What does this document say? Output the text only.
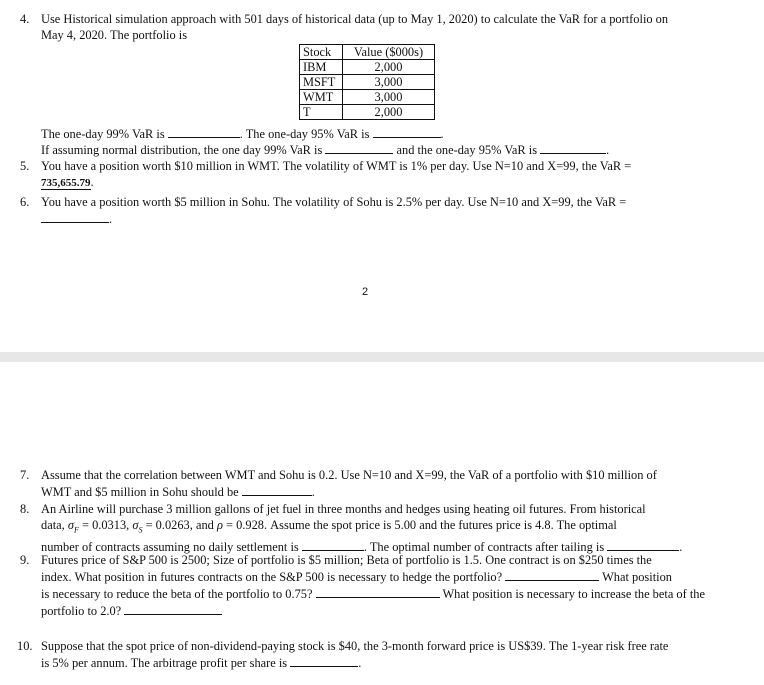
4. Use Historical simulation approach with 501 days of historical data (up to May 1, 2020) to calculate the VaR for a portfolio on
May 4, 2020. The portfolio is
Stock	Value ($000s)
IBM	2,000
MSFT	3,000
WMT	3,000
T	2,000
The one-day 99% VaR is	. The one-day 95% VaR is	.
If assuming normal distribution, the one day 99% VaR is	and the one-day 95% VaR is	.
5. You have a position worth $10 million in WMT. The volatility of WMT is 1% per day. Use N=10 and X=99, the VaR =
735,655.79.
6. You have a position worth $5 million in Sohu. The volatility of Sohu is 2.5% per day. Use N=10 and X=99, the VaR =
.
2
7. Assume that the correlation between WMT and Sohu is 0.2. Use N=10 and X=99, the VaR of a portfolio with $10 million of
WMT and $5 million in Sohu should be	.
8. An Airline will purchase 3 million gallons of jet fuel in three months and hedges using heating oil futures. From historical
data, $\sigma_F = 0.0313$, $\sigma_S = 0.0263$, and ρ = 0.928. Assume the spot price is 5.00 and the futures price is 4.8. The optimal
number of contracts assuming no daily settlement is	. The optimal number of contracts after tailing is	.
9. Futures price of S&P 500 is 2500; Size of portfolio is $5 million; Beta of portfolio is 1.5. One contract is on $250 times the
index. What position in futures contracts on the S&P 500 is necessary to hedge the portfolio?	What position
is necessary to reduce the beta of the portfolio to 0.75?	What position is necessary to increase the beta of the
portfolio to 2.0?
10. Suppose that the spot price of non-dividend-paying stock is $40, the 3-month forward price is US$39. The 1-year risk free rate
is 5% per annum. The arbitrage profit per share is	.
